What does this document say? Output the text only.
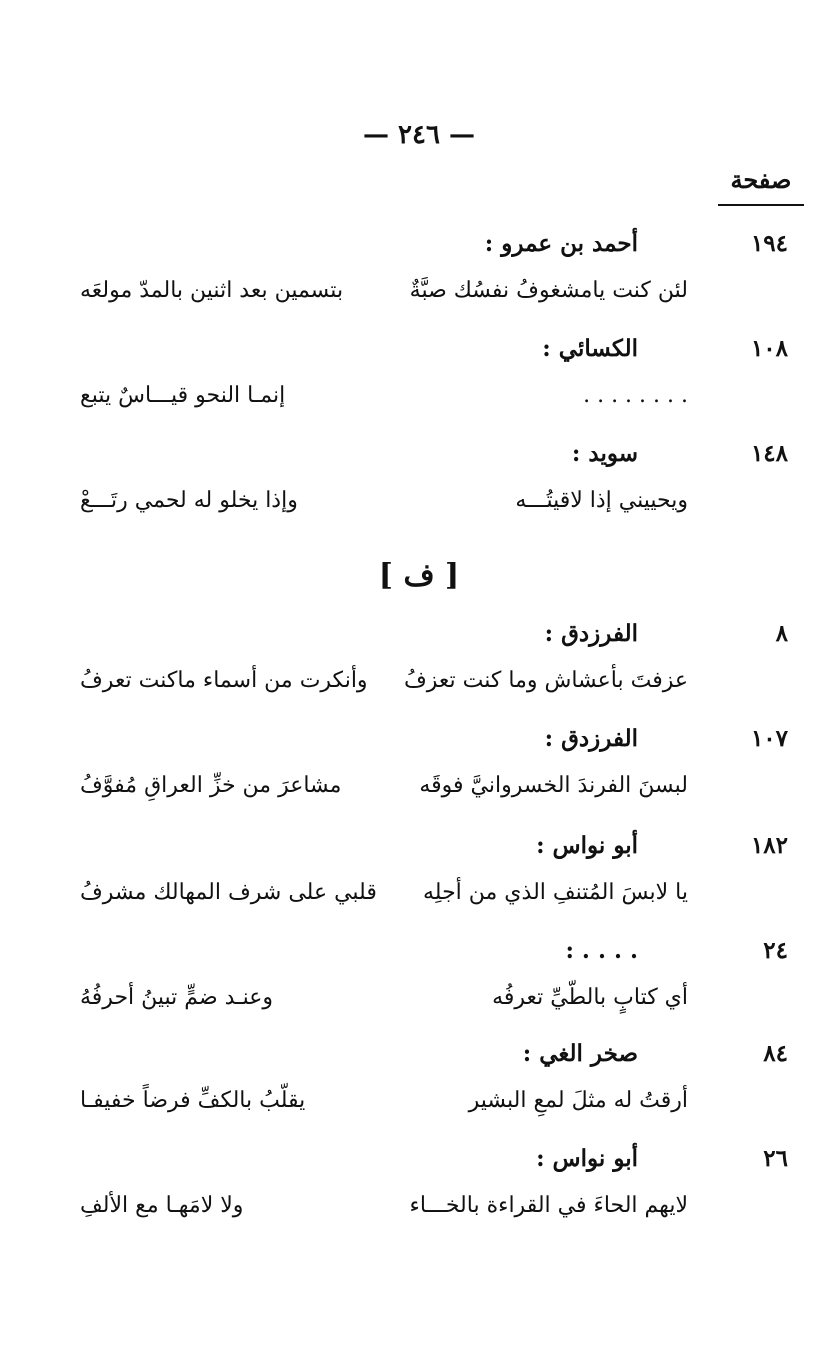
— ٢٤٦ —
صفحة
١٩٤
أحمد بن عمرو :
لئن كنت يامشغوفُ نفسُك صبَّةٌ
بتسمين بعد اثنين بالمدّ مولعَه
١٠٨
الكسائي :
. . . . . . . .
إنمـا النحو قيـــاسٌ يتبع
١٤٨
سويد :
ويحييني إذا لاقيتُـــه
وإذا يخلو له لحمي رتَـــعْ
[ ف ]
٨
الفرزدق :
عزفتَ بأعشاش وما كنت تعزفُ
وأنكرت من أسماء ماكنت تعرفُ
١٠٧
الفرزدق :
لبسنَ الفرندَ الخسروانيَّ فوقَه
مشاعرَ من خزِّ العراقِ مُفوَّفُ
١٨٢
أبو نواس :
يا لابسَ المُتنفِ الذي من أجلِه
قلبي على شرف المهالك مشرفُ
٢٤
. . . . :
أي كتابٍ بالطّيِّ تعرفُه
وعنـد ضمٍّ تبينُ أحرفُهُ
٨٤
صخر الغي :
أرقتُ له مثلَ لمعِ البشير
يقلّبُ بالكفِّ فرضاً خفيفـا
٢٦
أبو نواس :
لايهم الحاءَ في القراءة بالخـــاء
ولا لامَهـا مع الألفِ
